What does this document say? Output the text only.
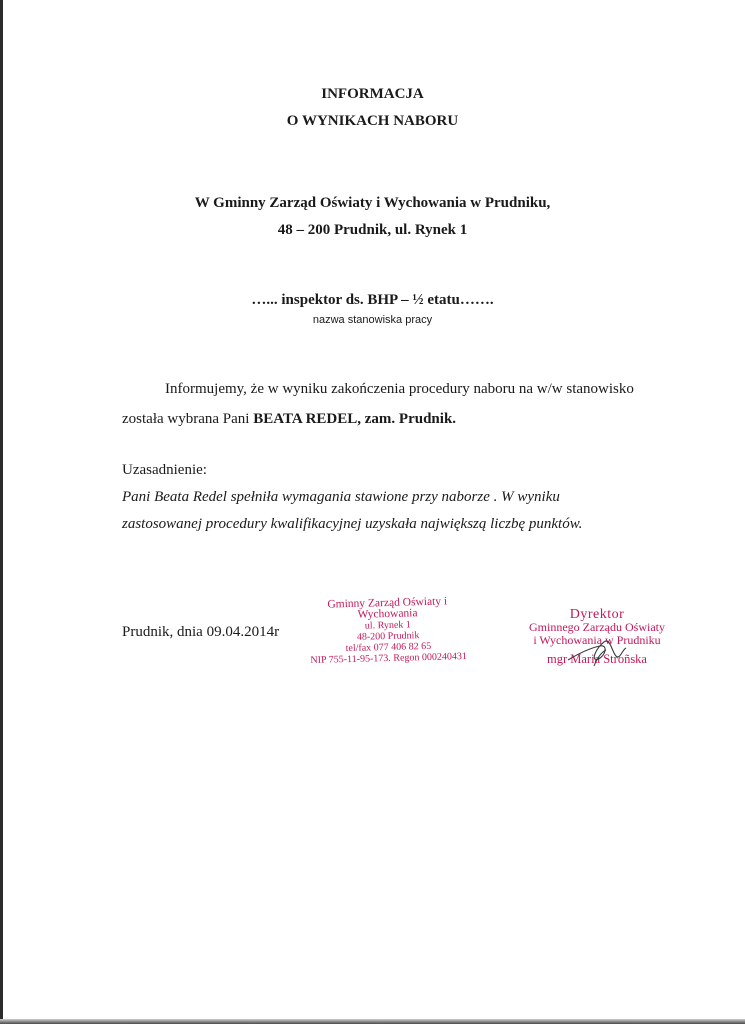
INFORMACJA
O WYNIKACH NABORU
W Gminny Zarząd Oświaty i Wychowania w Prudniku,
48 – 200 Prudnik, ul. Rynek 1
…... inspektor ds. BHP – ½ etatu…….
nazwa stanowiska pracy
Informujemy, że w wyniku zakończenia procedury naboru na w/w stanowisko
została wybrana Pani BEATA REDEL, zam. Prudnik.
Uzasadnienie:
Pani Beata Redel spełniła wymagania stawione przy naborze . W wyniku
zastosowanej procedury kwalifikacyjnej uzyskała największą liczbę punktów.
Prudnik, dnia 09.04.2014r
Gminny Zarząd Oświaty i Wychowania
ul. Rynek 1
48-200 Prudnik
tel/fax 077 406 82 65
NIP 755-11-95-173. Regon 000240431
Dyrektor
Gminnego Zarządu Oświaty
i Wychowania w Prudniku
mgr Maria Stroñska
